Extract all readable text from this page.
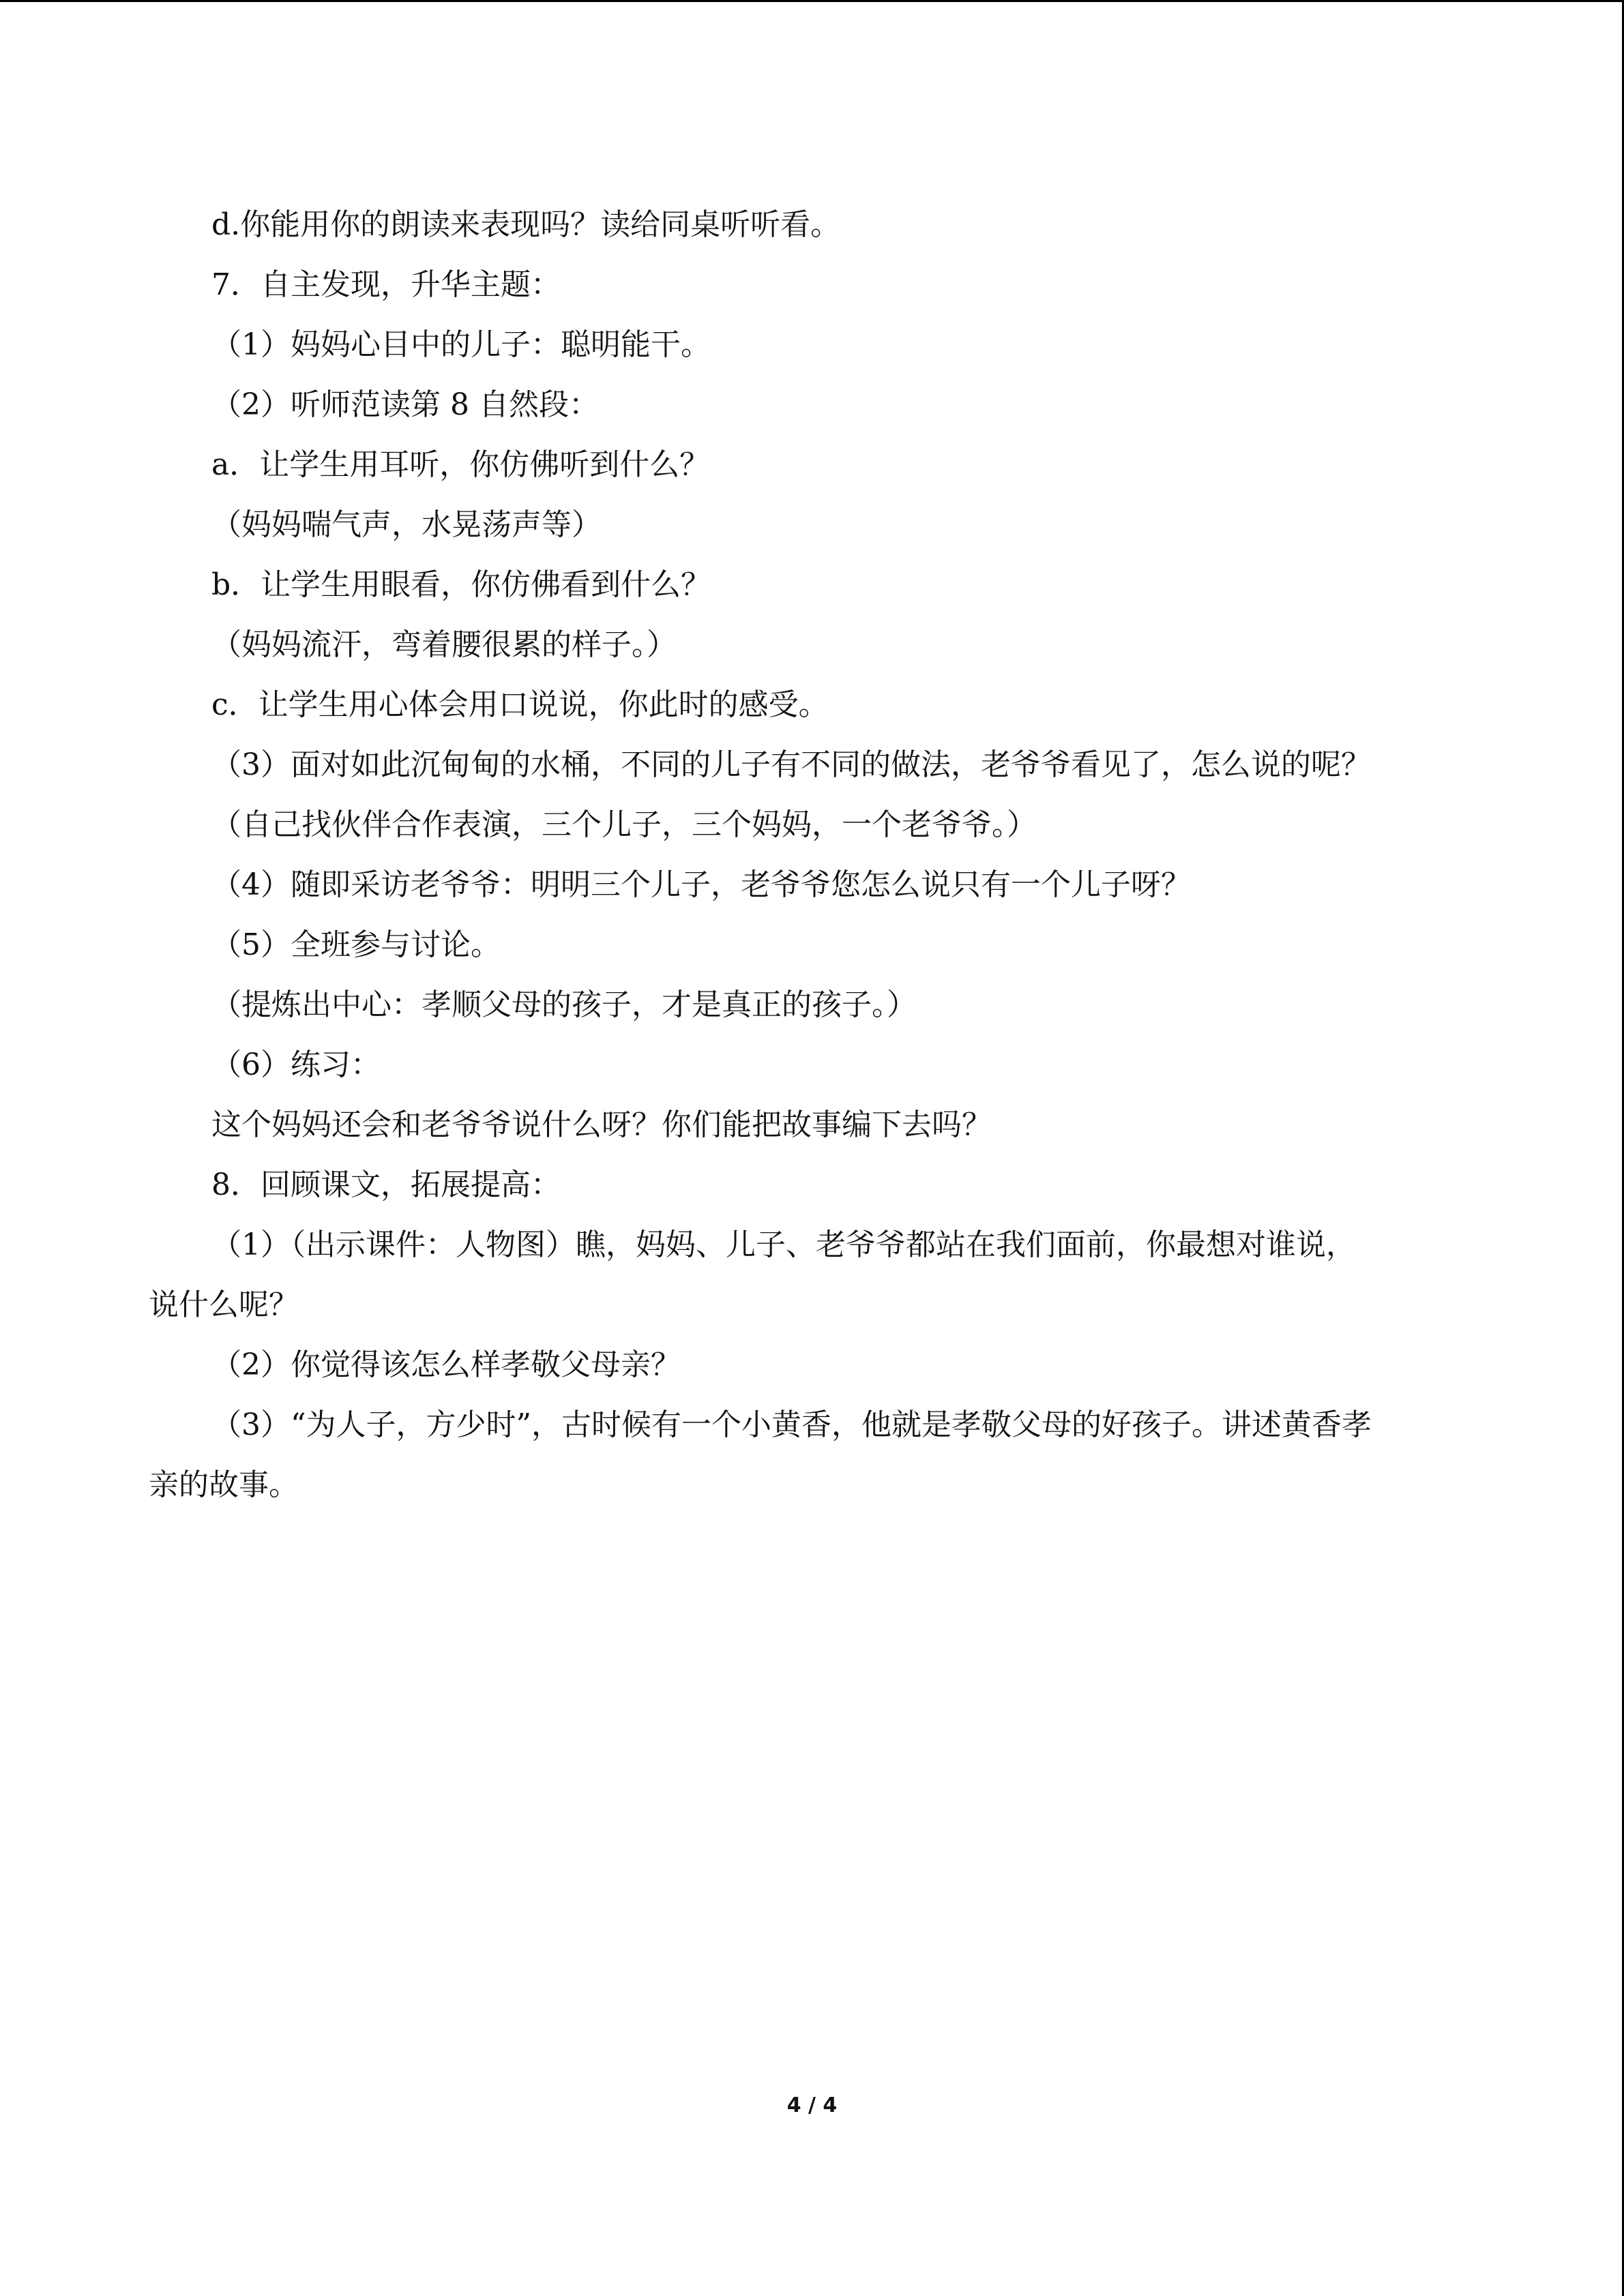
d.你能用你的朗读来表现吗？读给同桌听听看。
7．自主发现，升华主题：
（1）妈妈心目中的儿子：聪明能干。
（2）听师范读第 8 自然段：
a．让学生用耳听，你仿佛听到什么？
（妈妈喘气声，水晃荡声等）
b．让学生用眼看，你仿佛看到什么？
（妈妈流汗，弯着腰很累的样子。）
c．让学生用心体会用口说说，你此时的感受。
（3）面对如此沉甸甸的水桶，不同的儿子有不同的做法，老爷爷看见了，怎么说的呢？
（自己找伙伴合作表演，三个儿子，三个妈妈，一个老爷爷。）
（4）随即采访老爷爷：明明三个儿子，老爷爷您怎么说只有一个儿子呀？
（5）全班参与讨论。
（提炼出中心：孝顺父母的孩子，才是真正的孩子。）
（6）练习：
这个妈妈还会和老爷爷说什么呀？你们能把故事编下去吗？
8．回顾课文，拓展提高：
（1）（出示课件：人物图）瞧，妈妈、儿子、老爷爷都站在我们面前，你最想对谁说，
说什么呢？
（2）你觉得该怎么样孝敬父母亲？
（3）“为人子，方少时”，古时候有一个小黄香，他就是孝敬父母的好孩子。讲述黄香孝
亲的故事。
4 / 4
